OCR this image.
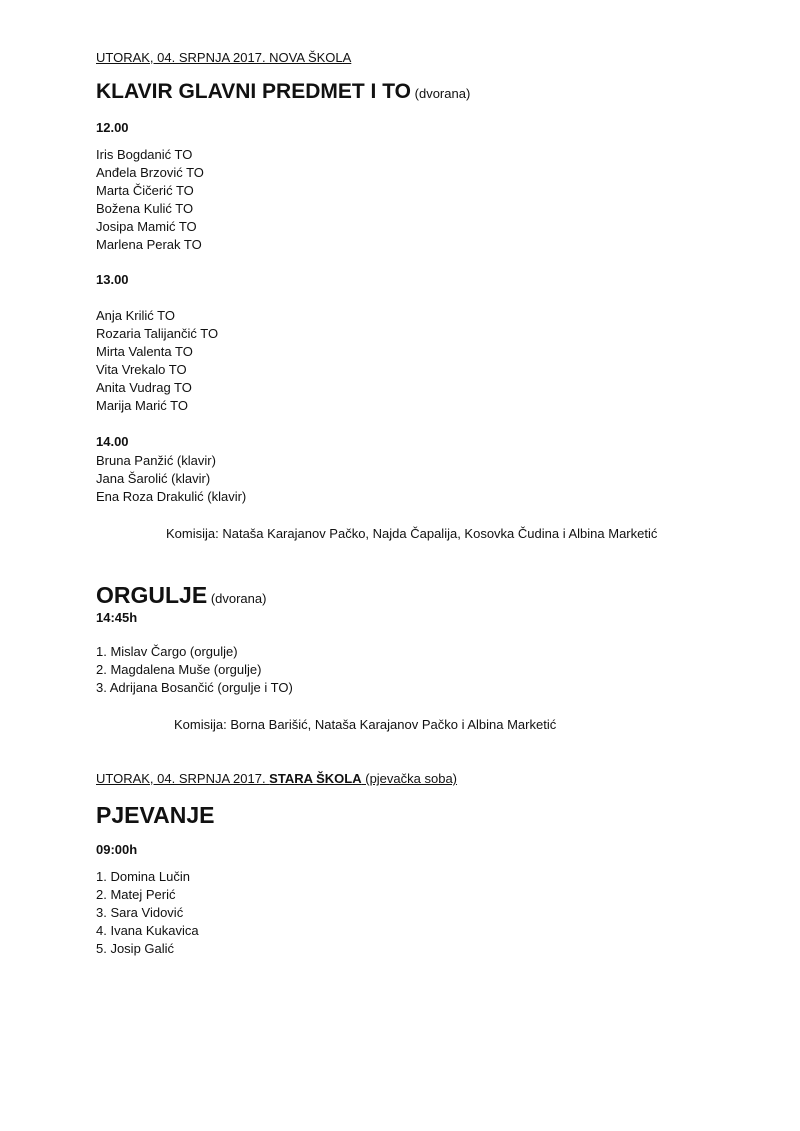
UTORAK, 04. SRPNJA 2017. NOVA ŠKOLA
KLAVIR GLAVNI PREDMET I TO (dvorana)
12.00
Iris Bogdanić TO
Anđela Brzović TO
Marta Čičerić TO
Božena Kulić TO
Josipa Mamić TO
Marlena Perak TO
13.00
Anja Krilić TO
Rozaria Talijančić TO
Mirta Valenta TO
Vita Vrekalo TO
Anita Vudrag TO
Marija Marić TO
14.00
Bruna Panžić (klavir)
Jana Šarolić (klavir)
Ena Roza Drakulić (klavir)
Komisija: Nataša Karajanov Pačko, Najda Čapalija, Kosovka Čudina i Albina Marketić
ORGULJE (dvorana)
14:45h
1. Mislav Čargo (orgulje)
2. Magdalena Muše (orgulje)
3. Adrijana Bosančić (orgulje i TO)
Komisija: Borna Barišić, Nataša Karajanov Pačko i Albina Marketić
UTORAK, 04. SRPNJA 2017. STARA ŠKOLA (pjevačka soba)
PJEVANJE
09:00h
1. Domina Lučin
2. Matej Perić
3. Sara Vidović
4. Ivana Kukavica
5. Josip Galić
